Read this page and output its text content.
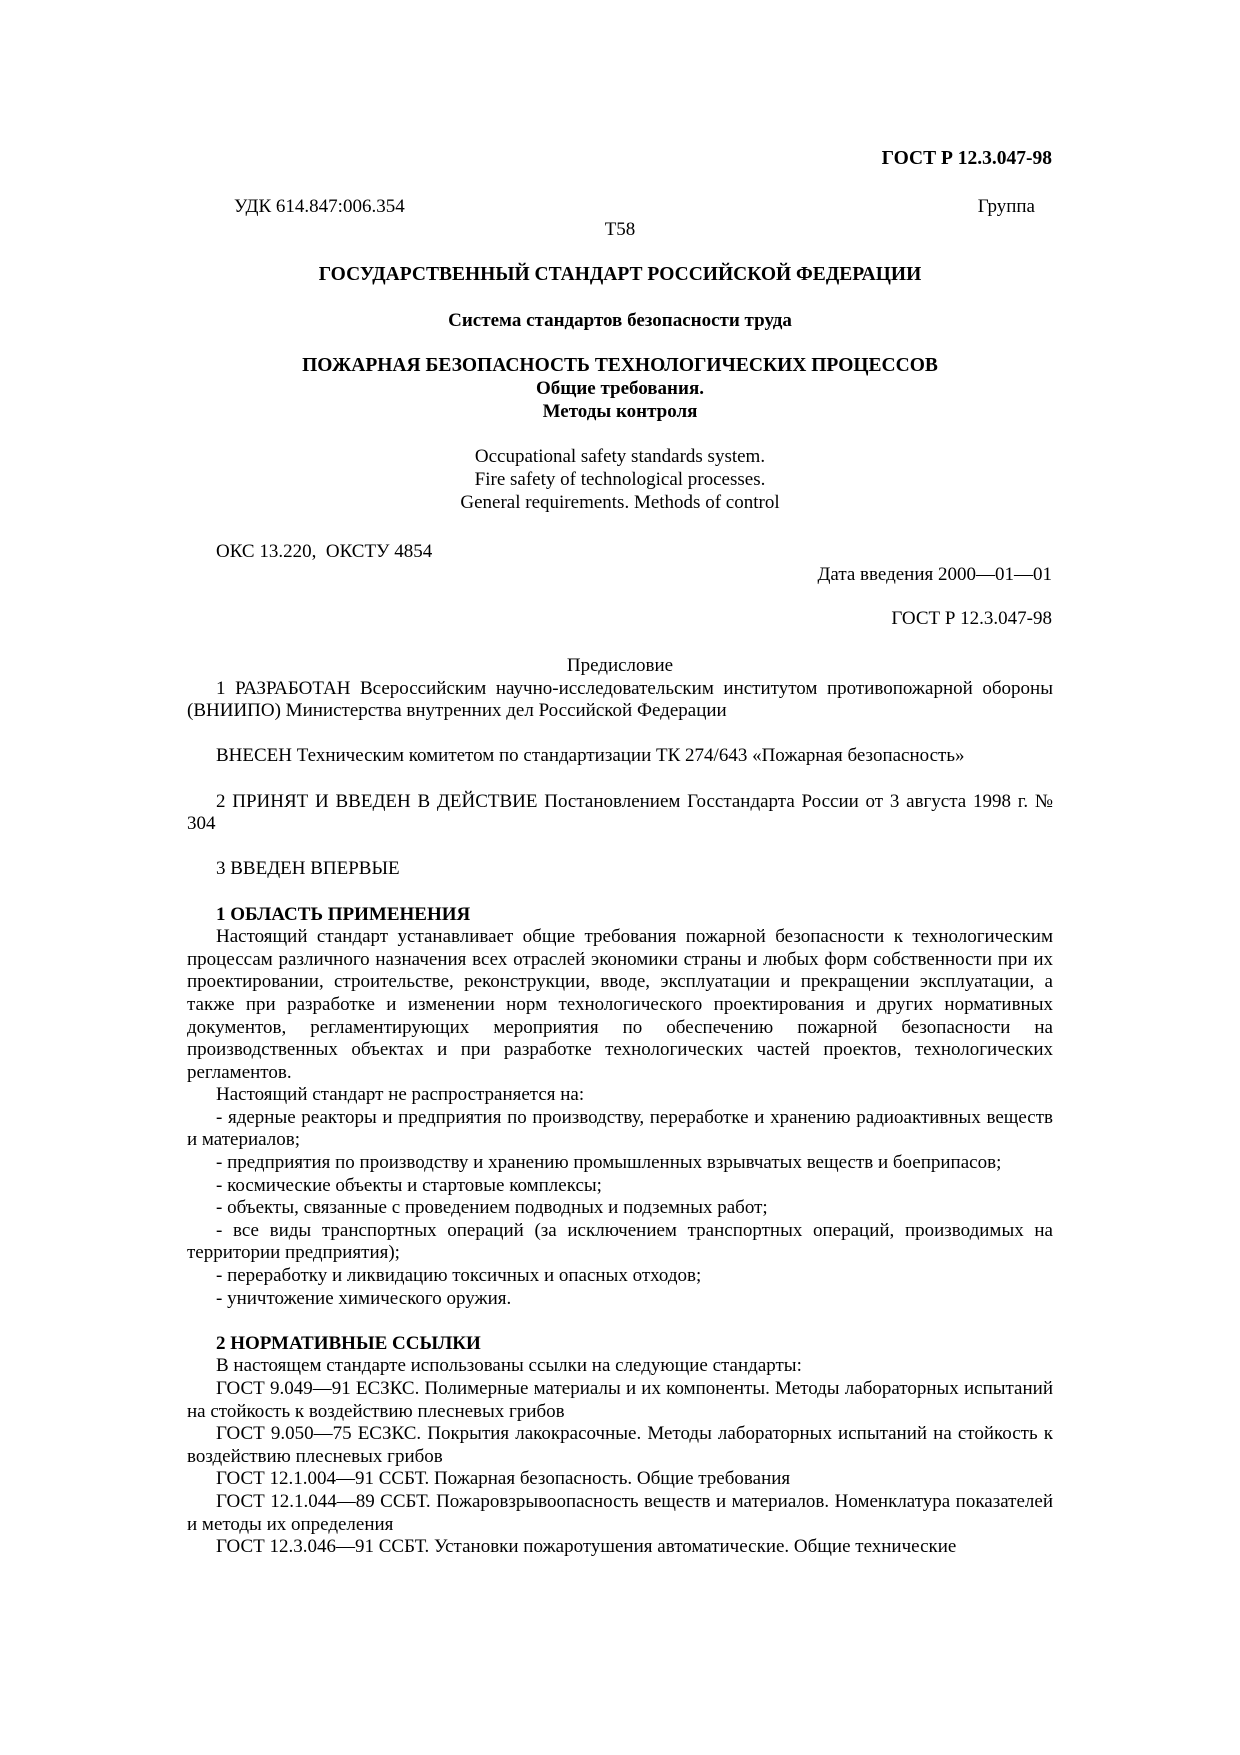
ГОСТ Р 12.3.047-98
УДК 614.847:006.354	Группа
Т58
ГОСУДАРСТВЕННЫЙ СТАНДАРТ РОССИЙСКОЙ ФЕДЕРАЦИИ
Система стандартов безопасности труда
ПОЖАРНАЯ БЕЗОПАСНОСТЬ ТЕХНОЛОГИЧЕСКИХ ПРОЦЕССОВ
Общие требования.
Методы контроля
Occupational safety standards system.
Fire safety of technological processes.
General requirements. Methods of control
ОКС 13.220,  ОКСТУ 4854
Дата введения 2000—01—01
ГОСТ Р 12.3.047-98

Предисловие

1 РАЗРАБОТАН Всероссийским научно-исследовательским институтом противопожарной обороны (ВНИИПО) Министерства внутренних дел Российской Федерации

ВНЕСЕН Техническим комитетом по стандартизации ТК 274/643 «Пожарная безопасность»

2 ПРИНЯТ И ВВЕДЕН В ДЕЙСТВИЕ Постановлением Госстандарта России от 3 августа 1998 г. № 304

3 ВВЕДЕН ВПЕРВЫЕ

1 ОБЛАСТЬ ПРИМЕНЕНИЯ

Настоящий стандарт устанавливает общие требования пожарной безопасности к технологическим процессам различного назначения всех отраслей экономики страны и любых форм собственности при их проектировании, строительстве, реконструкции, вводе, эксплуатации и прекращении эксплуатации, а также при разработке и изменении норм технологического проектирования и других нормативных документов, регламентирующих мероприятия по обеспечению пожарной безопасности на производственных объектах и при разработке технологических частей проектов, технологических регламентов.

Настоящий стандарт не распространяется на:

- ядерные реакторы и предприятия по производству, переработке и хранению радиоактивных веществ и материалов;

- предприятия по производству и хранению промышленных взрывчатых веществ и боеприпасов;

- космические объекты и стартовые комплексы;

- объекты, связанные с проведением подводных и подземных работ;

- все виды транспортных операций (за исключением транспортных операций, производимых на территории предприятия);

- переработку и ликвидацию токсичных и опасных отходов;

- уничтожение химического оружия.

2 НОРМАТИВНЫЕ ССЫЛКИ

В настоящем стандарте использованы ссылки на следующие стандарты:

ГОСТ 9.049—91 ЕСЗКС. Полимерные материалы и их компоненты. Методы лабораторных испытаний на стойкость к воздействию плесневых грибов

ГОСТ 9.050—75 ЕСЗКС. Покрытия лакокрасочные. Методы лабораторных испытаний на стойкость к воздействию плесневых грибов

ГОСТ 12.1.004—91 ССБТ. Пожарная безопасность. Общие требования

ГОСТ 12.1.044—89 ССБТ. Пожаровзрывоопасность веществ и материалов. Номенклатура показателей и методы их определения

ГОСТ 12.3.046—91 ССБТ. Установки пожаротушения автоматические. Общие технические
